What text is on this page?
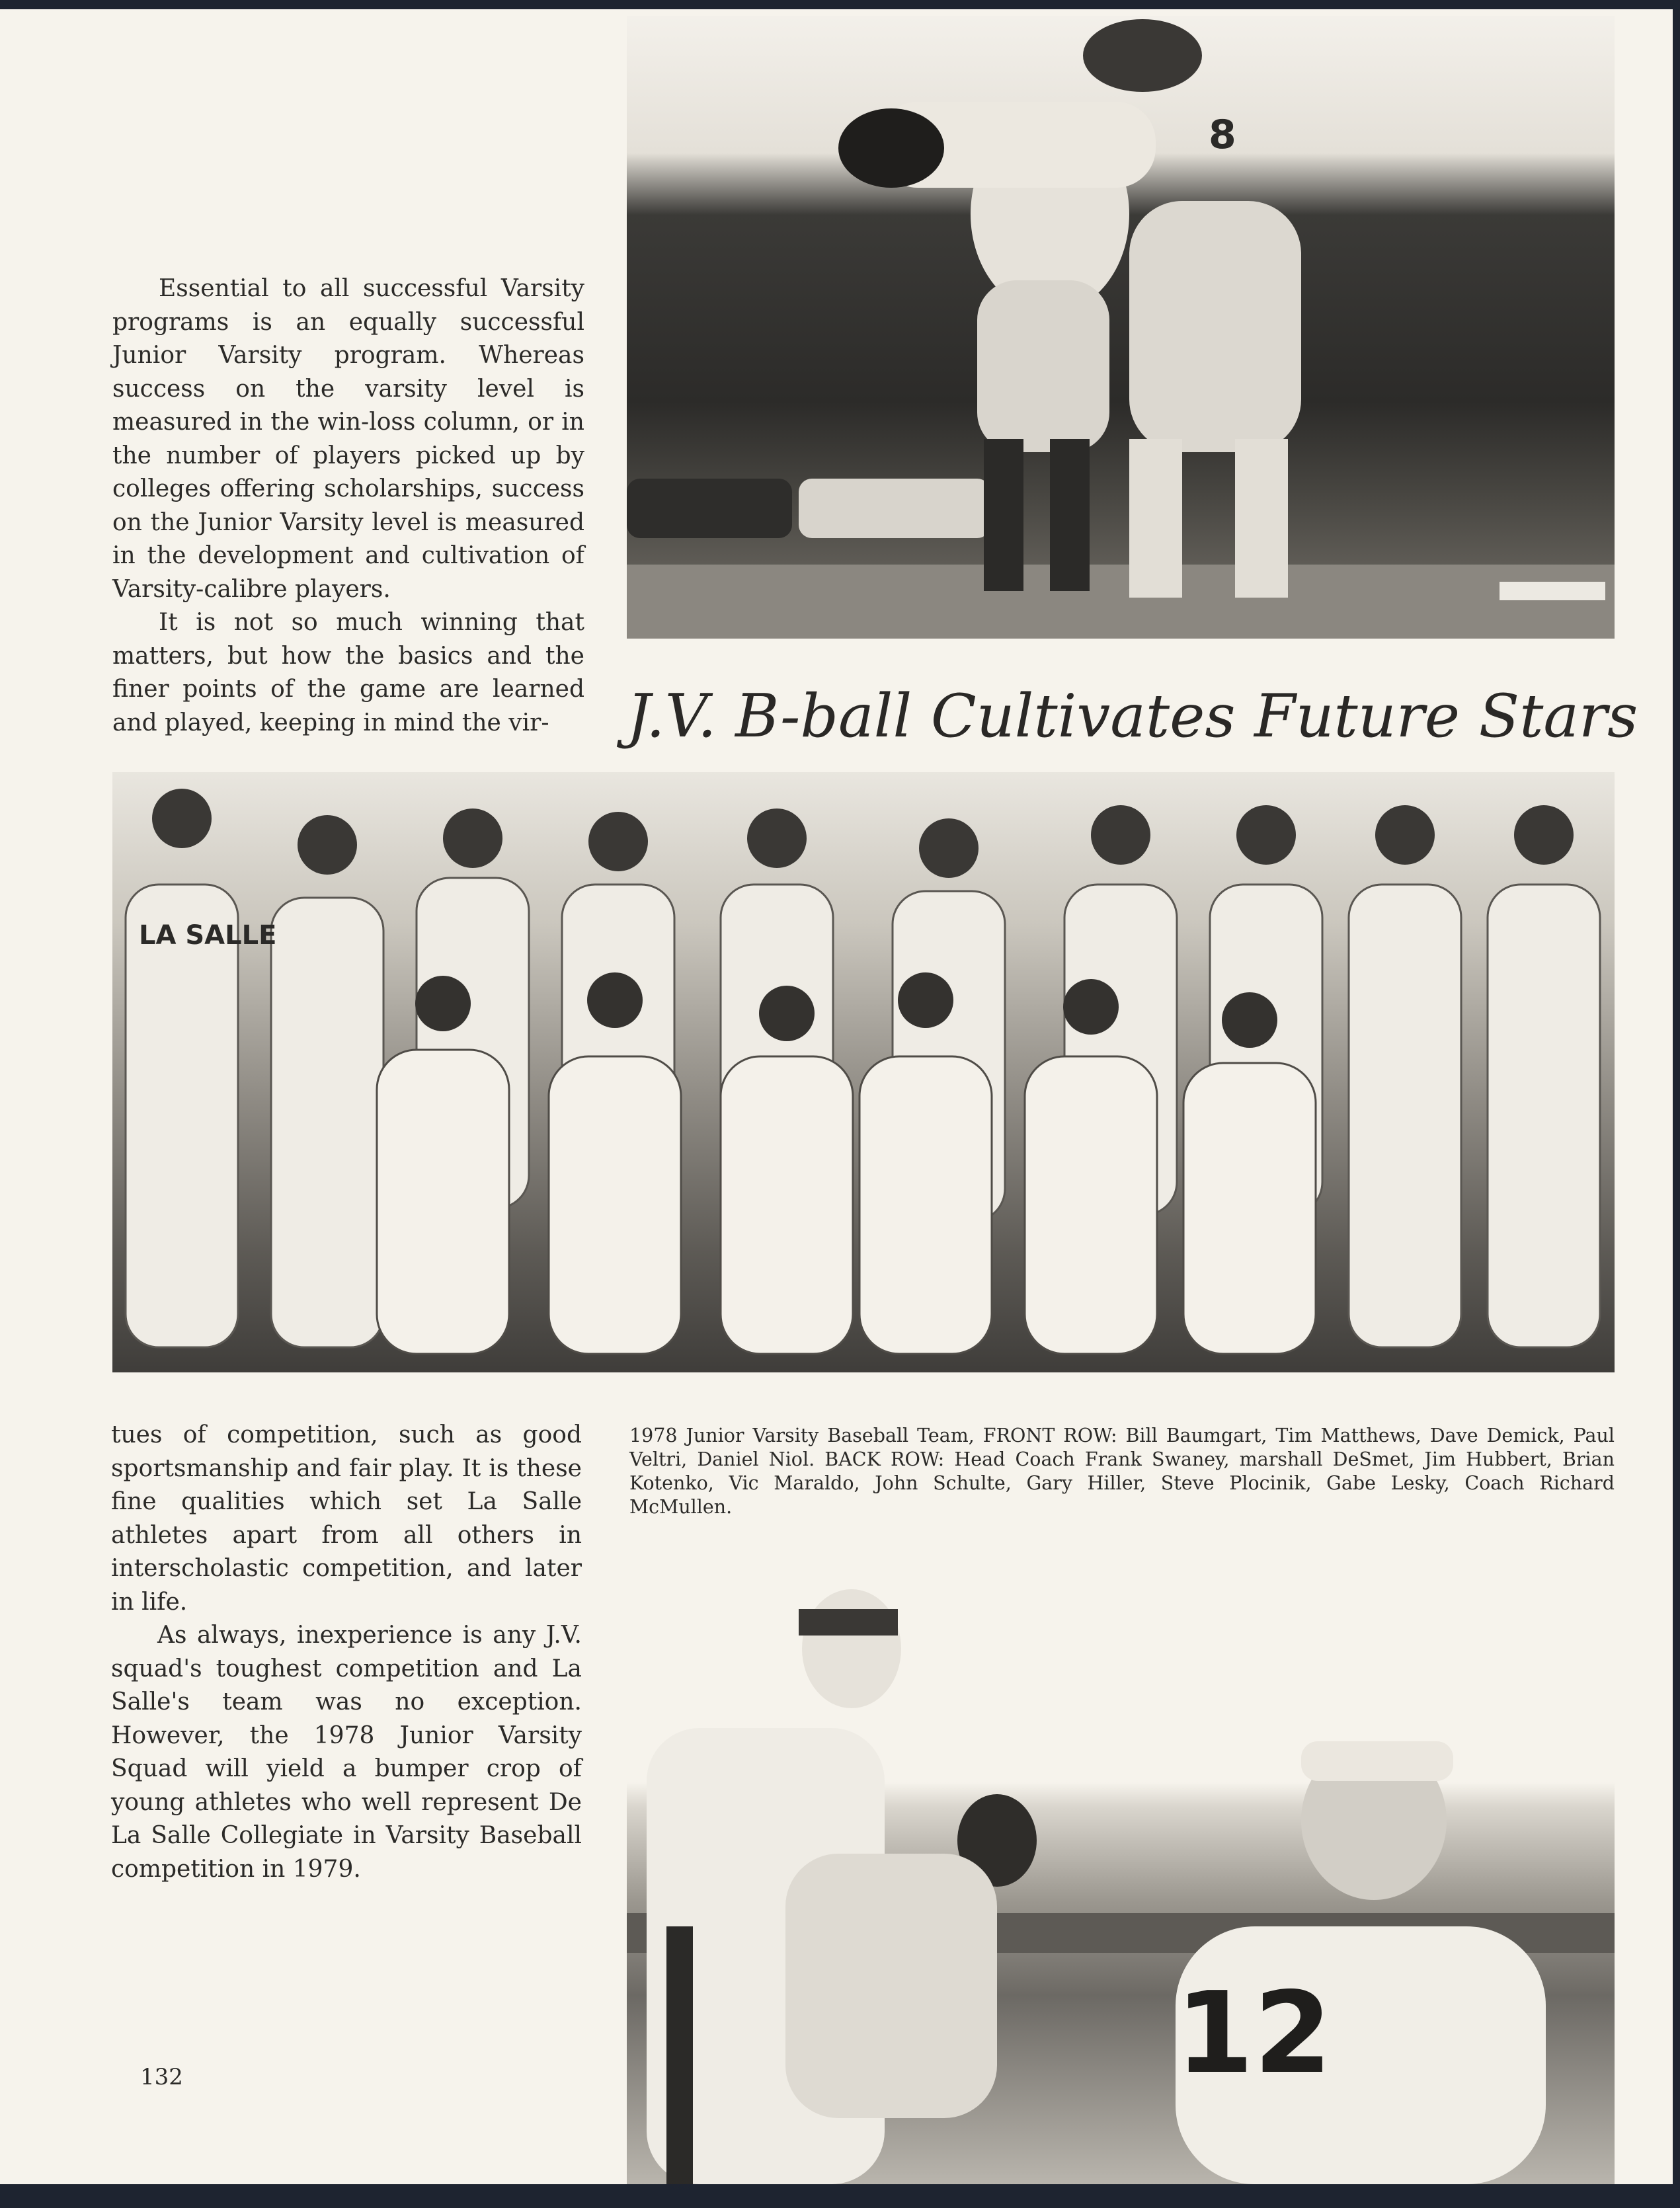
8

Essential to all successful Varsity programs is an equally successful Junior Varsity program. Whereas success on the varsity level is measured in the win-loss column, or in the number of players picked up by colleges offering scholarships, success on the Junior Varsity level is measured in the development and cultivation of Varsity-calibre players.

It is not so much winning that matters, but how the basics and the finer points of the game are learned and played, keeping in mind the vir-	J.V. B-ball Cultivates Future Stars
LA SALLE

tues of competition, such as good sportsmanship and fair play. It is these fine qualities which set La Salle athletes apart from all others in interscholastic competition, and later in life.

As always, inexperience is any J.V. squad's toughest competition and La Salle's team was no exception. However, the 1978 Junior Varsity Squad will yield a bumper crop of young athletes who well represent De La Salle Collegiate in Varsity Baseball competition in 1979.

1978 Junior Varsity Baseball Team, FRONT ROW: Bill Baumgart, Tim Matthews, Dave Demick, Paul Veltri, Daniel Niol. BACK ROW: Head Coach Frank Swaney, marshall DeSmet, Jim Hubbert, Brian Kotenko, Vic Maraldo, John Schulte, Gary Hiller, Steve Plocinik, Gabe Lesky, Coach Richard McMullen.
12
132
